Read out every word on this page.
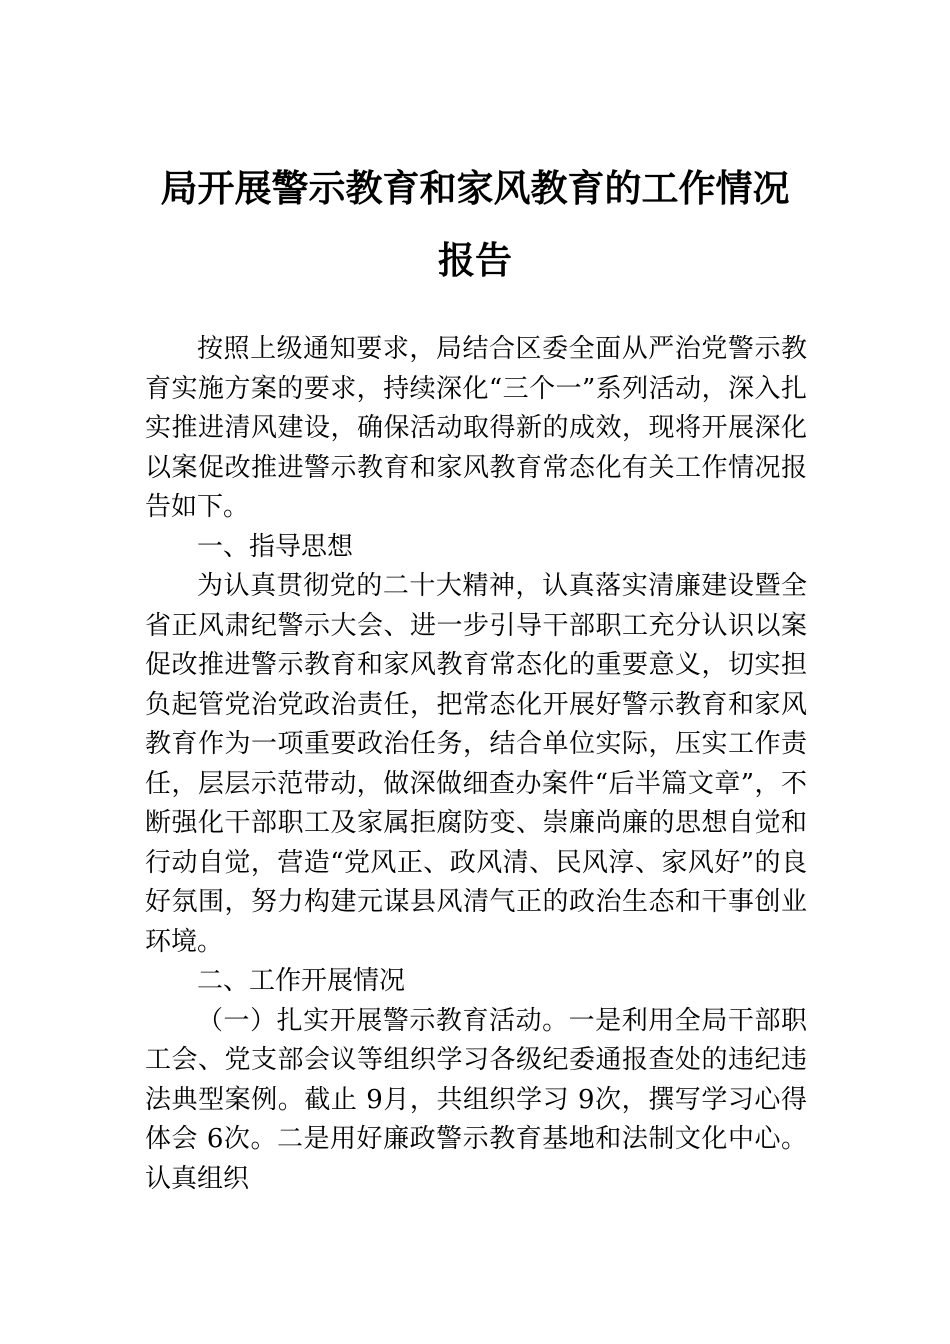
局开展警示教育和家风教育的工作情况报告

按照上级通知要求，局结合区委全面从严治党警示教育实施方案的要求，持续深化“三个一”系列活动，深入扎实推进清风建设，确保活动取得新的成效，现将开展深化以案促改推进警示教育和家风教育常态化有关工作情况报告如下。

一、指导思想

为认真贯彻党的二十大精神，认真落实清廉建设暨全省正风肃纪警示大会、进一步引导干部职工充分认识以案促改推进警示教育和家风教育常态化的重要意义，切实担负起管党治党政治责任，把常态化开展好警示教育和家风教育作为一项重要政治任务，结合单位实际，压实工作责任，层层示范带动，做深做细查办案件“后半篇文章”，不断强化干部职工及家属拒腐防变、崇廉尚廉的思想自觉和行动自觉，营造“党风正、政风清、民风淳、家风好”的良好氛围，努力构建元谋县风清气正的政治生态和干事创业环境。

二、工作开展情况

（一）扎实开展警示教育活动。一是利用全局干部职工会、党支部会议等组织学习各级纪委通报查处的违纪违法典型案例。截止 9月，共组织学习 9次，撰写学习心得体会 6次。二是用好廉政警示教育基地和法制文化中心。认真组织
